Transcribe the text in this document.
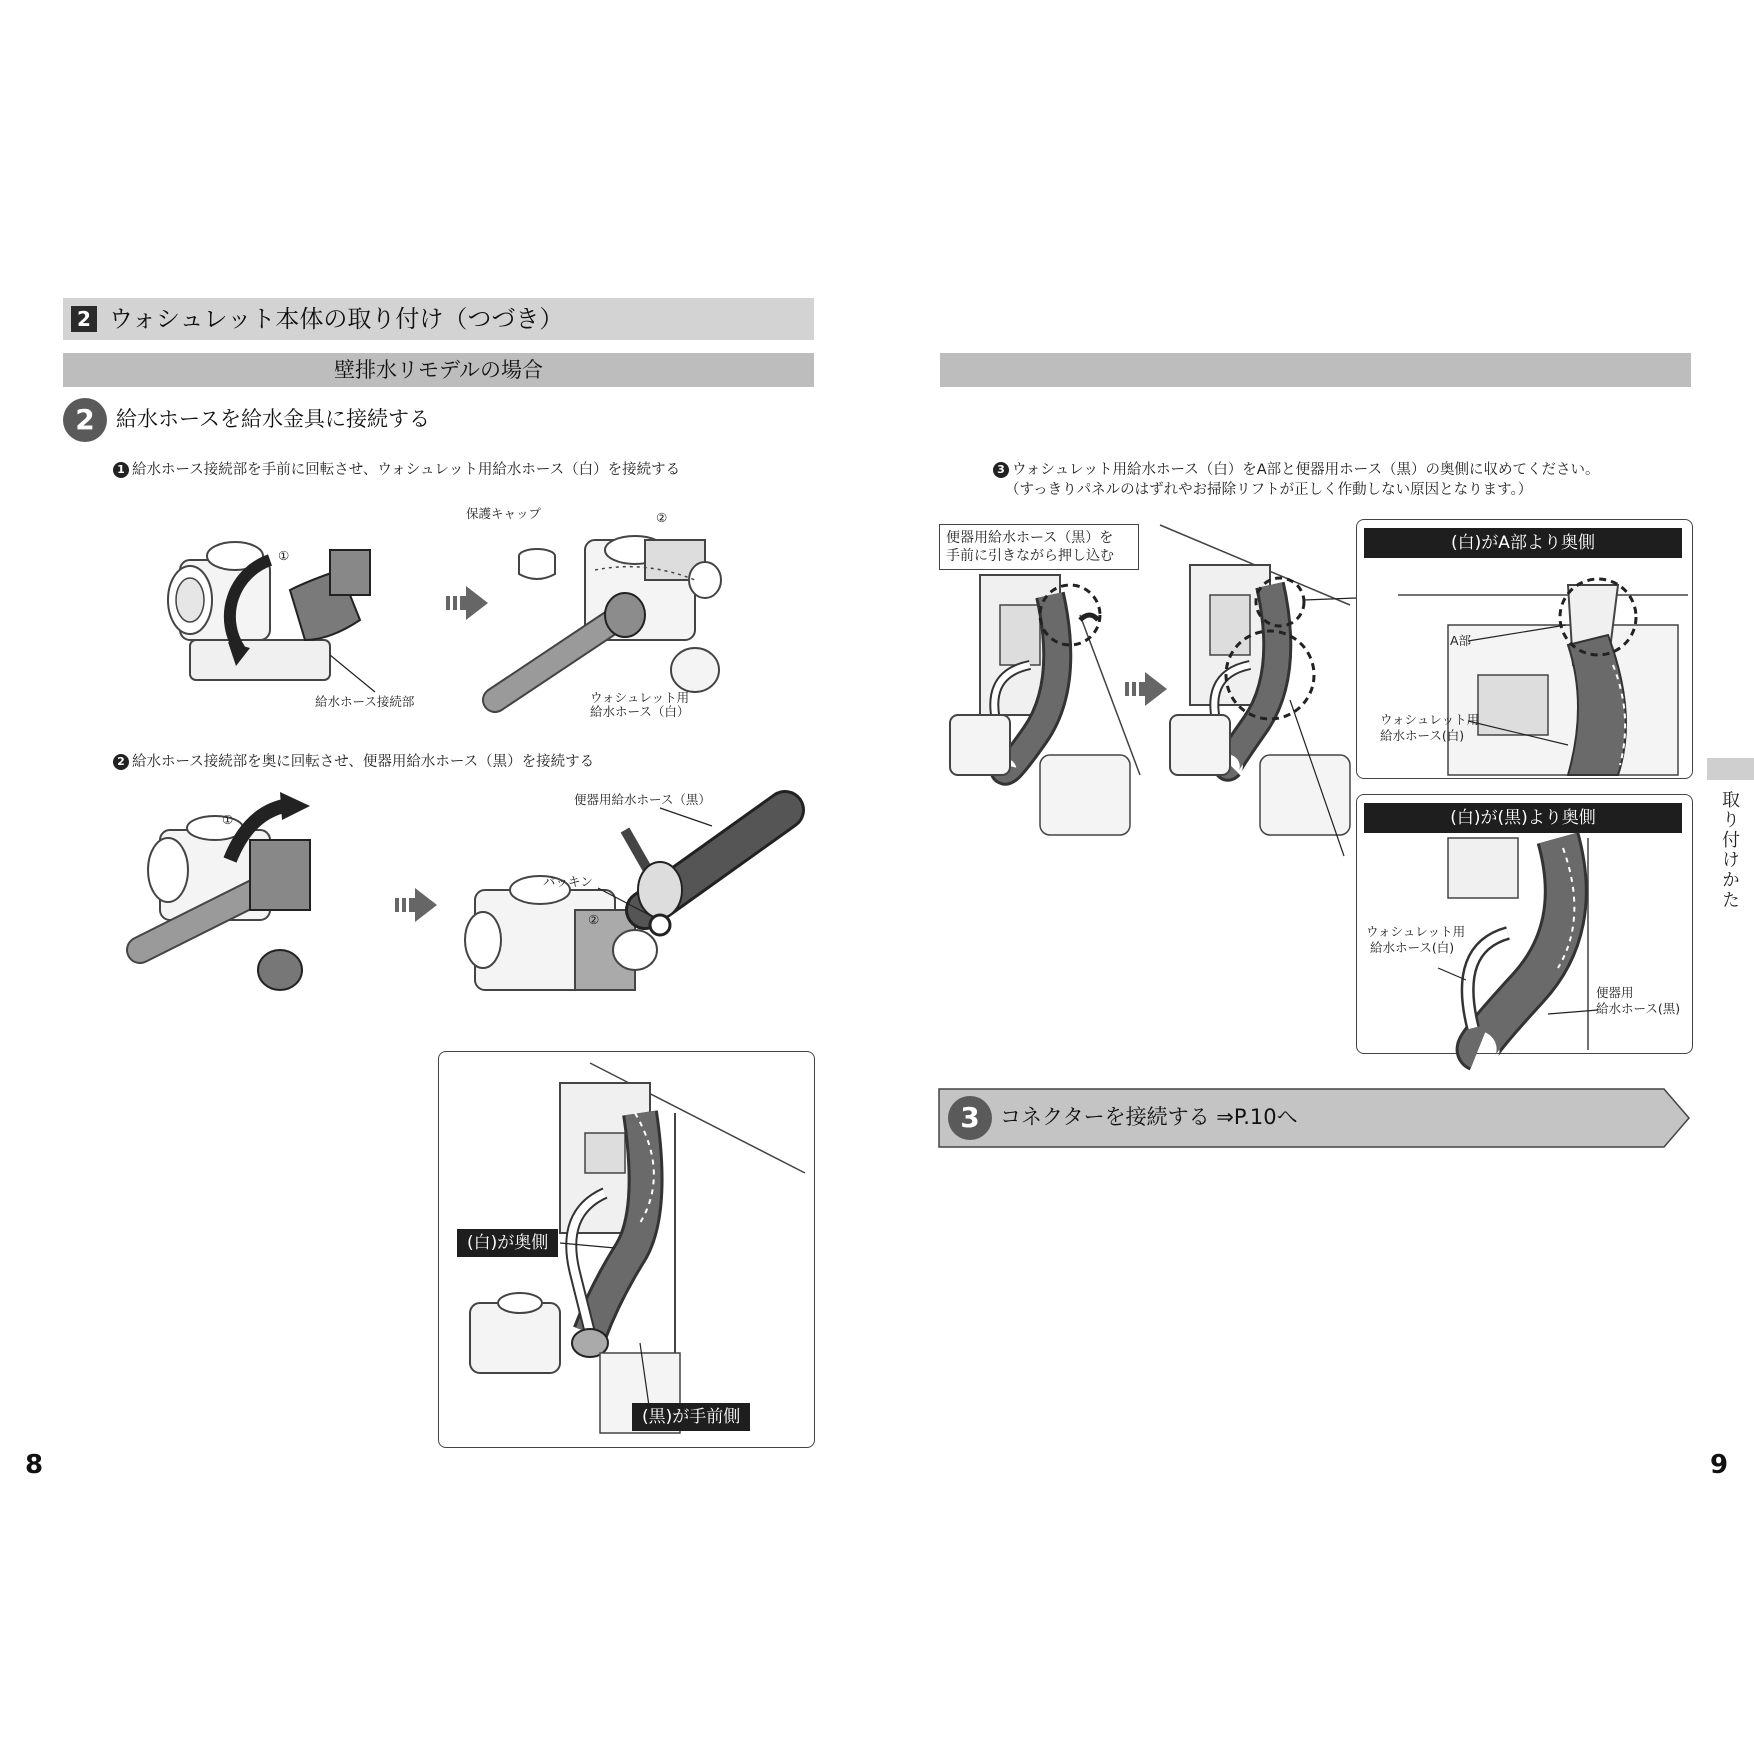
2 ウォシュレット本体の取り付け（つづき）
壁排水リモデルの場合
2	給水ホースを給水金具に接続する
1 給水ホース接続部を手前に回転させ、ウォシュレット用給水ホース（白）を接続する
①
給水ホース接続部
保護キャップ	②
ウォシュレット用
給水ホース（白）
2 給水ホース接続部を奥に回転させ、便器用給水ホース（黒）を接続する
①
便器用給水ホース（黒）
パッキン
②
(白)が奥側
(黒)が手前側
8
3 ウォシュレット用給水ホース（白）をA部と便器用ホース（黒）の奥側に収めてください。
（すっきりパネルのはずれやお掃除リフトが正しく作動しない原因となります。）
便器用給水ホース（黒）を
手前に引きながら押し込む
(白)がA部より奥側
A部
ウォシュレット用
給水ホース(白)
(白)が(黒)より奥側
ウォシュレット用
給水ホース(白)
便器用
給水ホース(黒)
3 コネクターを接続する ⇒P.10へ
取り付けかた
9
